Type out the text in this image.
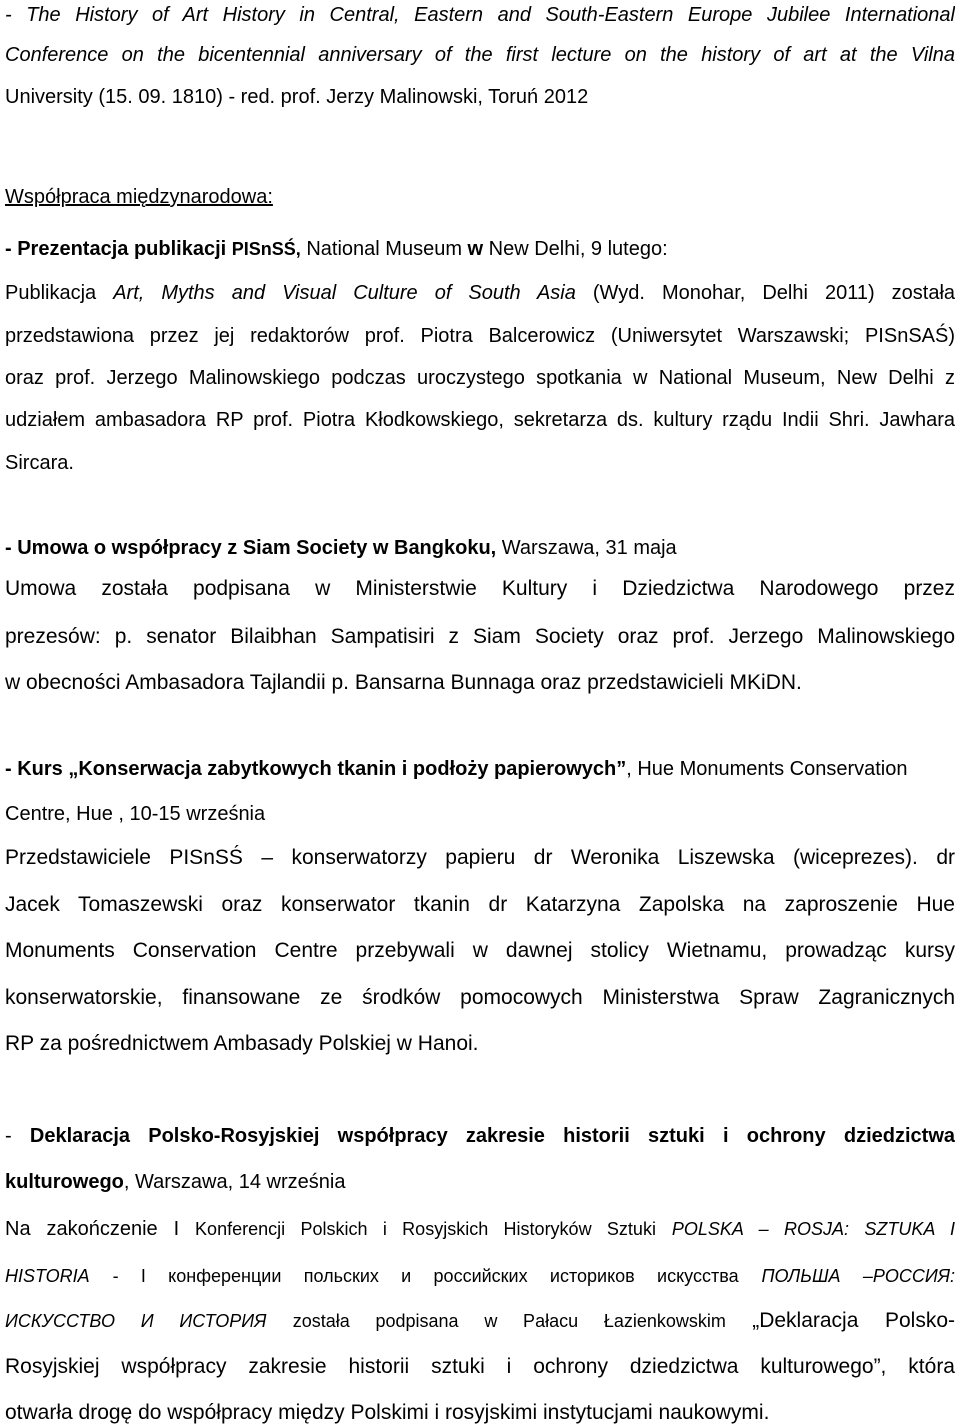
- The History of Art History in Central, Eastern and South-Eastern Europe Jubilee International
Conference on the bicentennial anniversary of the first lecture on the history of art at the Vilna
University (15. 09. 1810) - red. prof. Jerzy Malinowski, Toruń 2012
Współpraca międzynarodowa:
- Prezentacja publikacji PISnSŚ, National Museum w New Delhi, 9 lutego:
Publikacja Art, Myths and Visual Culture of South Asia (Wyd. Monohar, Delhi 2011) została
przedstawiona przez jej redaktorów prof. Piotra Balcerowicz (Uniwersytet Warszawski; PISnSAŚ)
oraz prof. Jerzego Malinowskiego podczas uroczystego spotkania w National Museum, New Delhi z
udziałem ambasadora RP prof. Piotra Kłodkowskiego, sekretarza ds. kultury rządu Indii Shri. Jawhara
Sircara.
- Umowa o współpracy z Siam Society w Bangkoku, Warszawa, 31 maja
Umowa została podpisana w Ministerstwie Kultury i Dziedzictwa Narodowego przez
prezesów: p. senator Bilaibhan Sampatisiri z Siam Society oraz prof. Jerzego Malinowskiego
w obecności Ambasadora Tajlandii p. Bansarna Bunnaga oraz przedstawicieli MKiDN.
- Kurs „Konserwacja zabytkowych tkanin i podłoży papierowych”, Hue Monuments Conservation
Centre, Hue , 10-15 września
Przedstawiciele PISnSŚ – konserwatorzy papieru dr Weronika Liszewska (wiceprezes). dr
Jacek Tomaszewski oraz konserwator tkanin dr Katarzyna Zapolska na zaproszenie Hue
Monuments Conservation Centre przebywali w dawnej stolicy Wietnamu, prowadząc kursy
konserwatorskie, finansowane ze środków pomocowych Ministerstwa Spraw Zagranicznych
RP za pośrednictwem Ambasady Polskiej w Hanoi.
- Deklaracja Polsko-Rosyjskiej współpracy zakresie historii sztuki i ochrony dziedzictwa
kulturowego, Warszawa, 14 września
Na zakończenie I Konferencji Polskich i Rosyjskich Historyków Sztuki POLSKA – ROSJA: SZTUKA I
HISTORIA - I конференции польских и российских историков искусства ПОЛЬША –РОССИЯ:
ИСКУССТВО И ИСТОРИЯ została podpisana w Pałacu Łazienkowskim „Deklaracja Polsko-
Rosyjskiej współpracy zakresie historii sztuki i ochrony dziedzictwa kulturowego”, która
otwarła drogę do współpracy między Polskimi i rosyjskimi instytucjami naukowymi.
